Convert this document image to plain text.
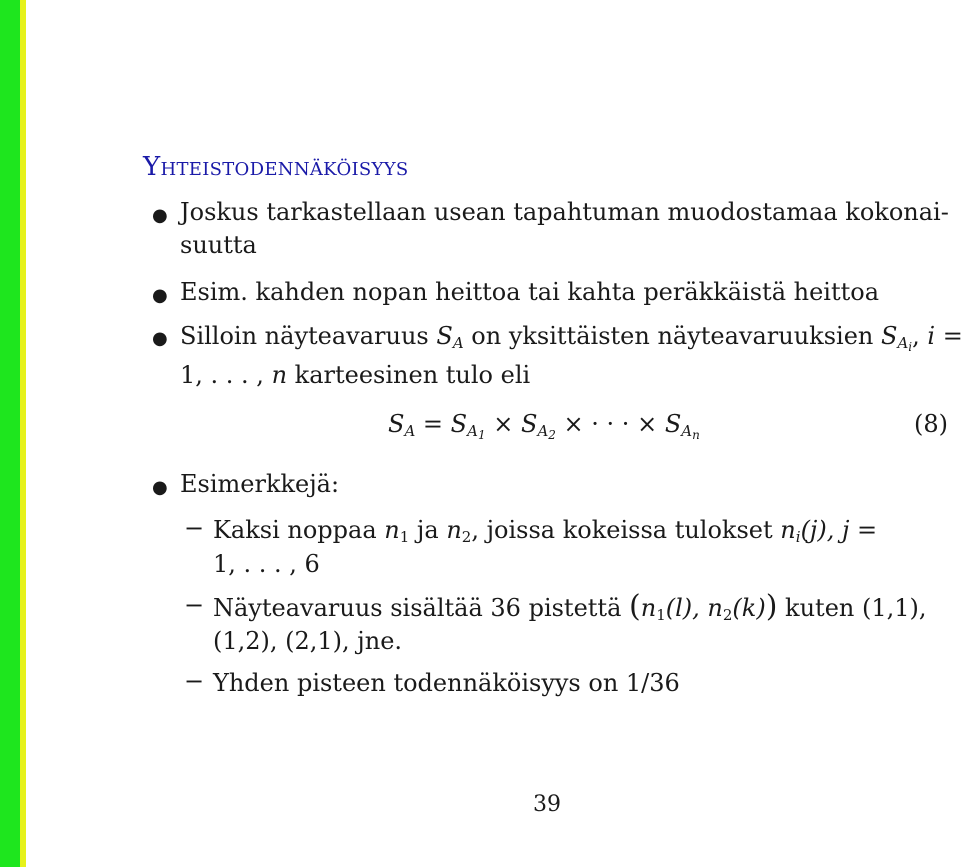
Yhteistodennäköisyys
● Joskus tarkastellaan usean tapahtuman muodostamaa kokonai-
suutta
● Esim. kahden nopan heittoa tai kahta peräkkäistä heittoa
● Silloin näyteavaruus $S_A$ on yksittäisten näyteavaruuksien $S_{A_i}$, i =
1, . . . , n karteesinen tulo eli
$S_A = S_{A_1} \times S_{A_2}$ × · · · × $S_{A_n}$	(8)
● Esimerkkejä:
− Kaksi noppaa $n_1$ ja $n_2$, joissa kokeissa tulokset $n_i(j)$, j =
1, . . . , 6
− Näyteavaruus sisältää 36 pistettä ($n_1(l)$, $n_2(k)$) kuten (1,1),
(1,2), (2,1), jne.
− Yhden pisteen todennäköisyys on 1/36
39
